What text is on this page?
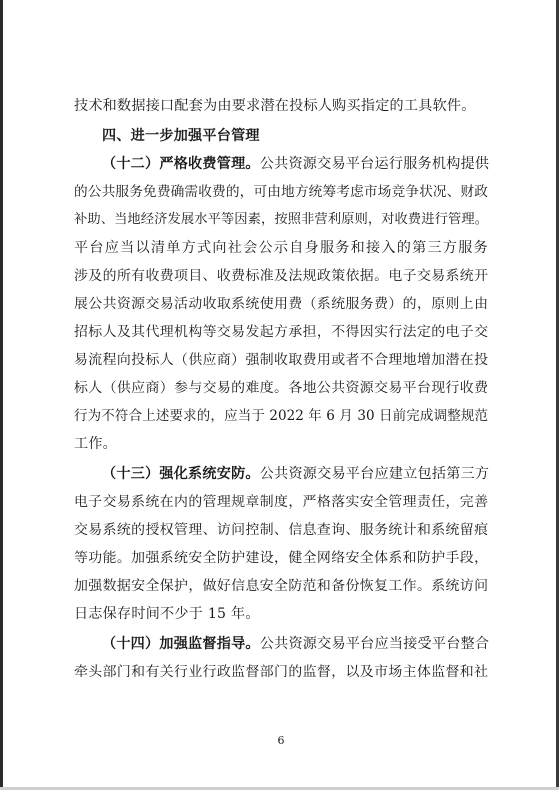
技术和数据接口配套为由要求潜在投标人购买指定的工具软件。
四、进一步加强平台管理
（十二）严格收费管理。公共资源交易平台运行服务机构提供
的公共服务免费确需收费的，可由地方统筹考虑市场竞争状况、财政
补助、当地经济发展水平等因素，按照非营利原则，对收费进行管理。
平台应当以清单方式向社会公示自身服务和接入的第三方服务
涉及的所有收费项目、收费标准及法规政策依据。电子交易系统开
展公共资源交易活动收取系统使用费（系统服务费）的，原则上由
招标人及其代理机构等交易发起方承担，不得因实行法定的电子交
易流程向投标人（供应商）强制收取费用或者不合理地增加潜在投
标人（供应商）参与交易的难度。各地公共资源交易平台现行收费
行为不符合上述要求的，应当于 2022 年 6 月 30 日前完成调整规范
工作。
（十三）强化系统安防。公共资源交易平台应建立包括第三方
电子交易系统在内的管理规章制度，严格落实安全管理责任，完善
交易系统的授权管理、访问控制、信息查询、服务统计和系统留痕
等功能。加强系统安全防护建设，健全网络安全体系和防护手段，
加强数据安全保护，做好信息安全防范和备份恢复工作。系统访问
日志保存时间不少于 15 年。
（十四）加强监督指导。公共资源交易平台应当接受平台整合
牵头部门和有关行业行政监督部门的监督，以及市场主体监督和社
6
